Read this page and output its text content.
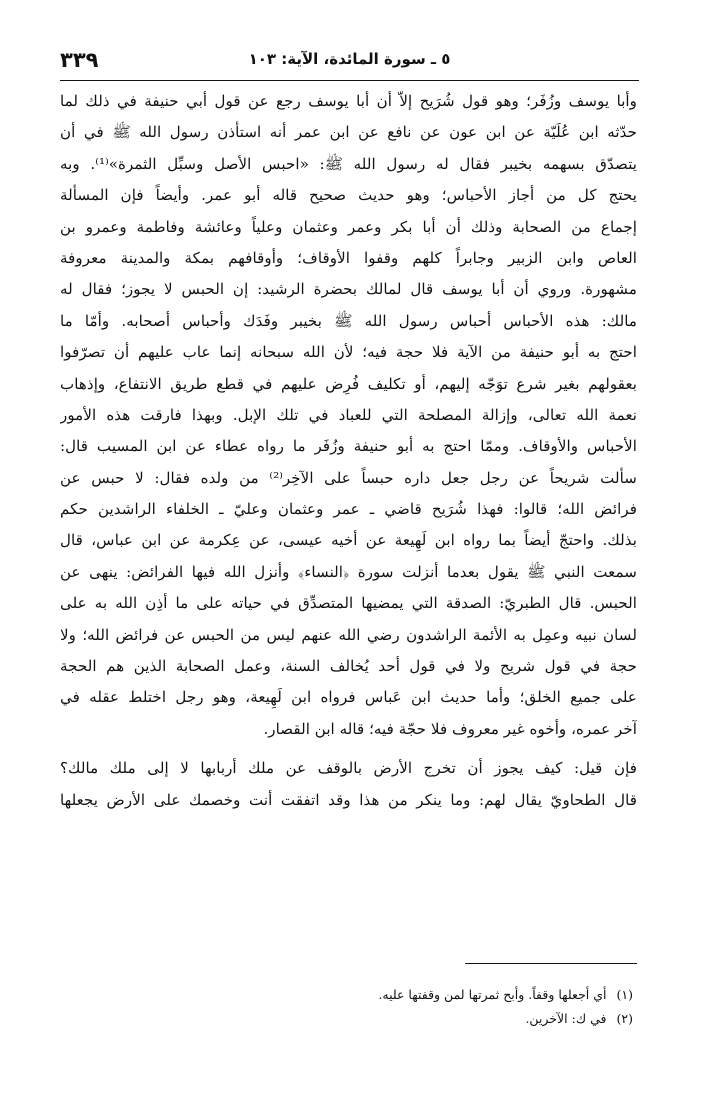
٥ ـ سورة المائدة، الآية: ١٠٣
٣٣٩
وأبا يوسف وزُفَر؛ وهو قول شُرَيح إلاّ أن أبا يوسف رجع عن قول أبي حنيفة في ذلك لما
حدّثه ابن عُلَيّة عن ابن عون عن نافع عن ابن عمر أنه استأذن رسول الله ﷺ في أن
يتصدّق بسهمه بخيبر فقال له رسول الله ﷺ: «احبس الأصل وسبِّل الثمرة»⁽¹⁾. وبه
يحتج كل من أجاز الأحباس؛ وهو حديث صحيح قاله أبو عمر. وأيضاً فإن المسألة
إجماع من الصحابة وذلك أن أبا بكر وعمر وعثمان وعلياً وعائشة وفاطمة وعمرو بن
العاص وابن الزبير وجابراً كلهم وقفوا الأوقاف؛ وأوقافهم بمكة والمدينة معروفة
مشهورة. وروي أن أبا يوسف قال لمالك بحضرة الرشيد: إن الحبس لا يجوز؛ فقال له
مالك: هذه الأحباس أحباس رسول الله ﷺ بخيبر وفَدَك وأحباس أصحابه. وأمّا ما
احتج به أبو حنيفة من الآية فلا حجة فيه؛ لأن الله سبحانه إنما عاب عليهم أن تصرّفوا
بعقولهم بغير شرع توَجّه إليهم، أو تكليف فُرِض عليهم في قطع طريق الانتفاع، وإذهاب
نعمة الله تعالى، وإزالة المصلحة التي للعباد في تلك الإبل. وبهذا فارقت هذه الأمور
الأحباس والأوقاف. وممّا احتج به أبو حنيفة وزُفَر ما رواه عطاء عن ابن المسيب قال:
سألت شريحاً عن رجل جعل داره حبساً على الآخِر⁽²⁾ من ولده فقال: لا حبس عن
فرائض الله؛ قالوا: فهذا شُرَيح قاضي ـ عمر وعثمان وعليّ ـ الخلفاء الراشدين حكم
بذلك. واحتجّ أيضاً بما رواه ابن لَهِيعة عن أخيه عيسى، عن عِكرمة عن ابن عباس، قال
سمعت النبي ﷺ يقول بعدما أنزلت سورة ﴿النساء﴾ وأنزل الله فيها الفرائض: ينهى عن
الحبس. قال الطبريّ: الصدقة التي يمضيها المتصدِّق في حياته على ما أذِن الله به على
لسان نبيه وعمِل به الأئمة الراشدون رضي الله عنهم ليس من الحبس عن فرائض الله؛ ولا
حجة في قول شريح ولا في قول أحد يُخالف السنة، وعمل الصحابة الذين هم الحجة
على جميع الخلق؛ وأما حديث ابن عَباس فرواه ابن لَهِيعة، وهو رجل اختلط عقله في
آخر عمره، وأخوه غير معروف فلا حجّة فيه؛ قاله ابن القصار.
فإن قيل: كيف يجوز أن تخرج الأرض بالوقف عن ملك أربابها لا إلى ملك مالك؟
قال الطحاويّ يقال لهم: وما ينكر من هذا وقد اتفقت أنت وخصمك على الأرض يجعلها
(١)أي أجعلها وقفاً. وأبح ثمرتها لمن وقفتها عليه.
(٢)في ك: الآخرين.
